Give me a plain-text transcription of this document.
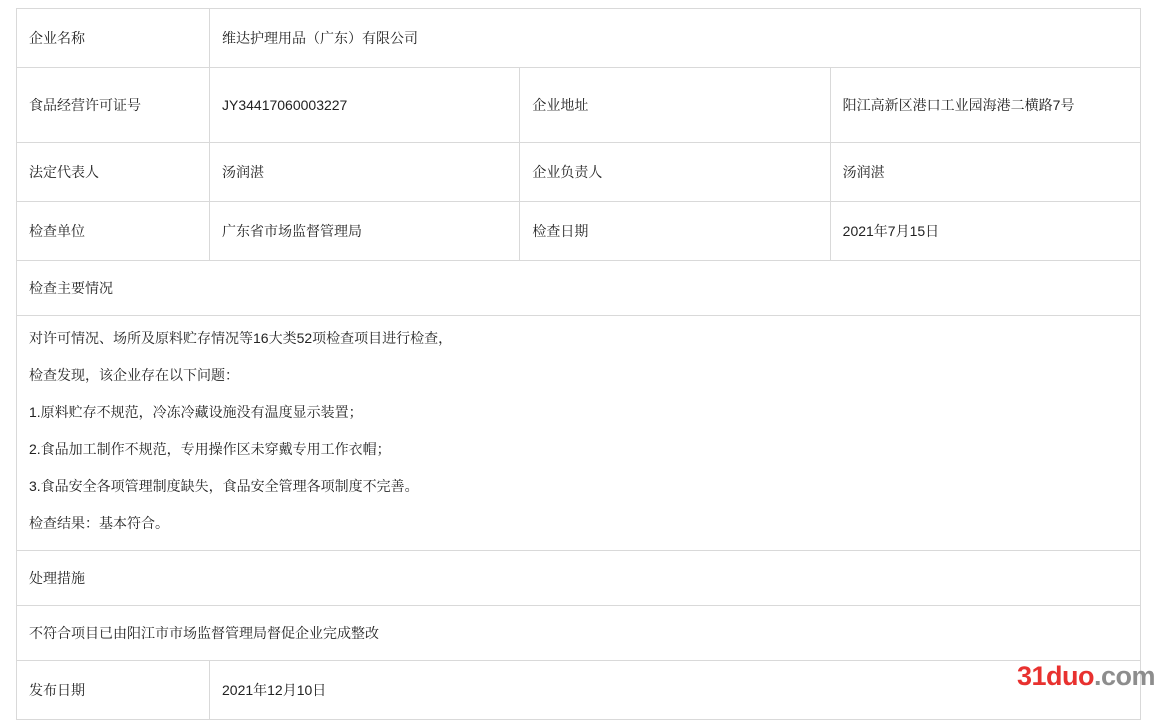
企业名称	维达护理用品（广东）有限公司		
食品经营许可证号	JY34417060003227	企业地址	阳江高新区港口工业园海港二横路7号
法定代表人	汤润湛	企业负责人	汤润湛
检查单位	广东省市场监督管理局	检查日期	2021年7月15日
检查主要情况			

对许可情况、场所及原料贮存情况等16大类52项检查项目进行检查，

检查发现，该企业存在以下问题：

1.原料贮存不规范，冷冻冷藏设施没有温度显示装置；

2.食品加工制作不规范，专用操作区未穿戴专用工作衣帽；

3.食品安全各项管理制度缺失，食品安全管理各项制度不完善。

检查结果：基本符合。

处理措施			
不符合项目已由阳江市市场监督管理局督促企业完成整改			
发布日期	2021年12月10日			31duo.com
